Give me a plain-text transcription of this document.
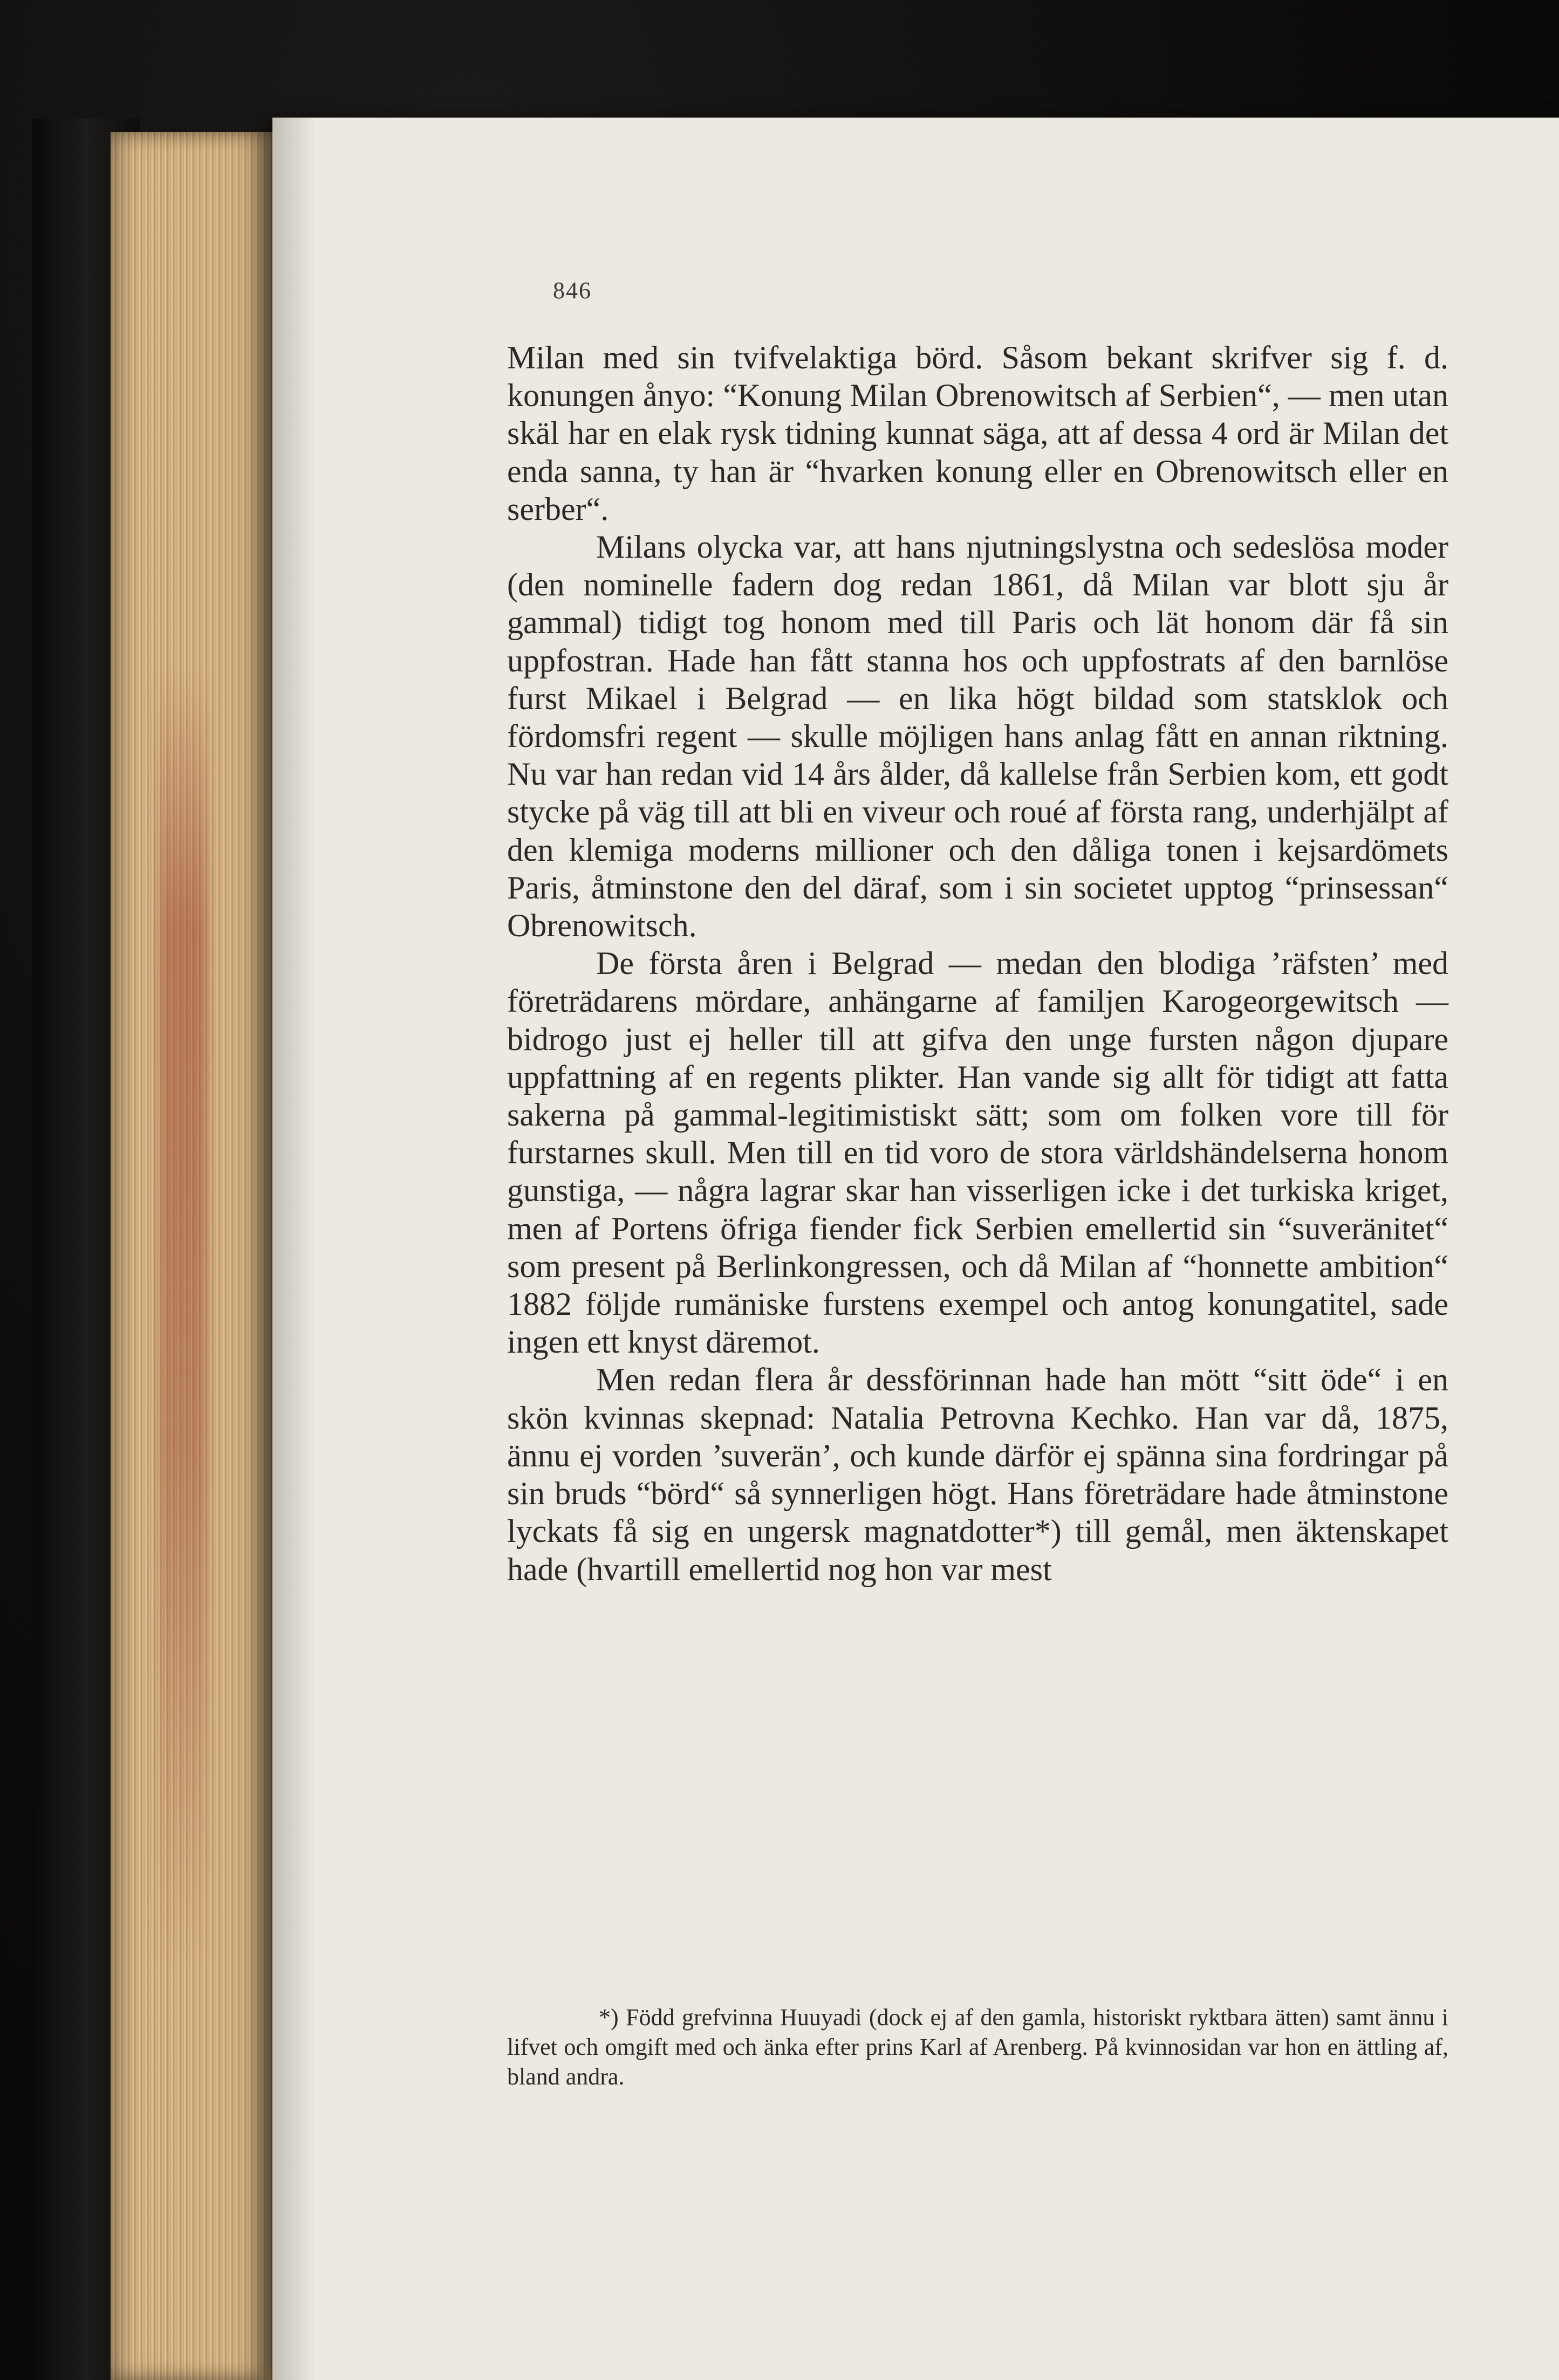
846

Milan med sin tvifvelaktiga börd. Såsom bekant skrifver sig f. d. konungen ånyo: “Konung Milan Obrenowitsch af Serbien“, — men utan skäl har en elak rysk tidning kunnat säga, att af dessa 4 ord är Milan det enda sanna, ty han är “hvarken konung eller en Obrenowitsch eller en serber“.

Milans olycka var, att hans njutningslystna och sedeslösa moder (den nominelle fadern dog redan 1861, då Milan var blott sju år gammal) tidigt tog honom med till Paris och lät honom där få sin uppfostran. Hade han fått stanna hos och uppfostrats af den barnlöse furst Mikael i Belgrad — en lika högt bildad som statsklok och fördomsfri regent — skulle möjligen hans anlag fått en annan riktning. Nu var han redan vid 14 års ålder, då kallelse från Serbien kom, ett godt stycke på väg till att bli en viveur och roué af första rang, underhjälpt af den klemiga moderns millioner och den dåliga tonen i kejsardömets Paris, åtminstone den del däraf, som i sin societet upptog “prinsessan“ Obrenowitsch.

De första åren i Belgrad — medan den blodiga ’räfsten’ med företrädarens mördare, anhängarne af familjen Karogeorgewitsch — bidrogo just ej heller till att gifva den unge fursten någon djupare uppfattning af en regents plikter. Han vande sig allt för tidigt att fatta sakerna på gammal-legitimistiskt sätt; som om folken vore till för furstarnes skull. Men till en tid voro de stora världshändelserna honom gunstiga, — några lagrar skar han visserligen icke i det turkiska kriget, men af Portens öfriga fiender fick Serbien emellertid sin “suveränitet“ som present på Berlinkongressen, och då Milan af “honnette ambition“ 1882 följde rumäniske furstens exempel och antog konungatitel, sade ingen ett knyst däremot.

Men redan flera år dessförinnan hade han mött “sitt öde“ i en skön kvinnas skepnad: Natalia Petrovna Kechko. Han var då, 1875, ännu ej vorden ’suverän’, och kunde därför ej spänna sina fordringar på sin bruds “börd“ så synnerligen högt. Hans företrädare hade åtminstone lyckats få sig en ungersk magnatdotter*) till gemål, men äktenskapet hade (hvartill emellertid nog hon var mest

*) Född grefvinna Huuyadi (dock ej af den gamla, historiskt ryktbara ätten) samt ännu i lifvet och omgift med och änka efter prins Karl af Arenberg. På kvinnosidan var hon en ättling af, bland andra.
